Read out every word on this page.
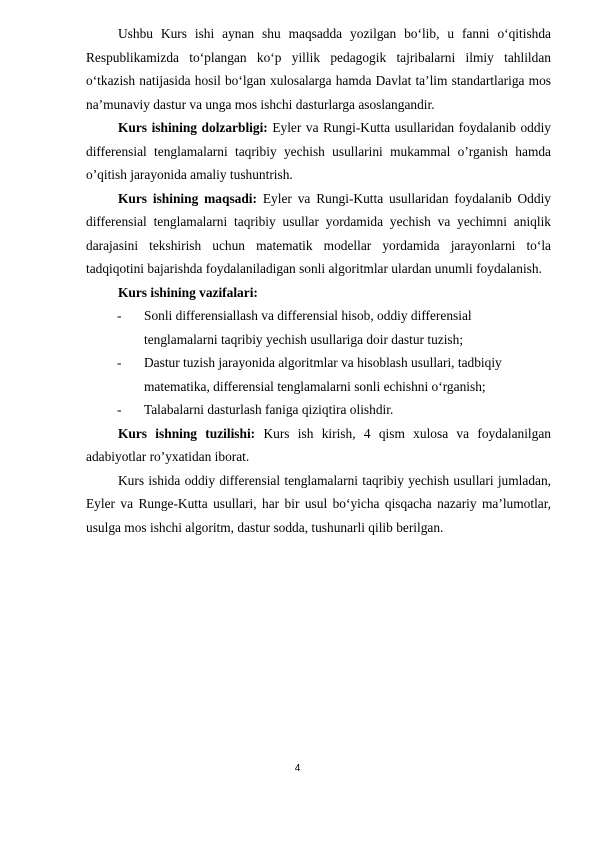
Ushbu Kurs ishi aynan shu maqsadda yozilgan bo‘lib, u fanni o‘qitishda Respublikamizda to‘plangan ko‘p yillik pedagogik tajribalarni ilmiy tahlildan o‘tkazish natijasida hosil bo‘lgan xulosalarga hamda Davlat ta’lim standartlariga mos na’munaviy dastur va unga mos ishchi dasturlarga asoslangandir.

Kurs ishining dolzarbligi: Eyler va Rungi-Kutta usullaridan foydalanib oddiy differensial tenglamalarni taqribiy yechish usullarini mukammal o’rganish hamda o’qitish jarayonida amaliy tushuntrish.

Kurs ishining maqsadi: Eyler va Rungi-Kutta usullaridan foydalanib Oddiy differensial tenglamalarni taqribiy usullar yordamida yechish va yechimni aniqlik darajasini tekshirish uchun matematik modellar yordamida jarayonlarni to‘la tadqiqotini bajarishda foydalaniladigan sonli algoritmlar ulardan unumli foydalanish.

Kurs ishining vazifalari:

- Sonli differensiallash va differensial hisob, oddiy differensial tenglamalarni taqribiy yechish usullariga doir dastur tuzish;
- Dastur tuzish jarayonida algoritmlar va hisoblash usullari, tadbiqiy matematika, differensial tenglamalarni sonli echishni o‘rganish;
- Talabalarni dasturlash faniga qiziqtira olishdir.

Kurs ishning tuzilishi: Kurs ish kirish, 4 qism xulosa va foydalanilgan adabiyotlar ro’yxatidan iborat.

Kurs ishida oddiy differensial tenglamalarni taqribiy yechish usullari jumladan, Eyler va Runge-Kutta usullari, har bir usul bo‘yicha qisqacha nazariy ma’lumotlar, usulga mos ishchi algoritm, dastur sodda, tushunarli qilib berilgan.

4
